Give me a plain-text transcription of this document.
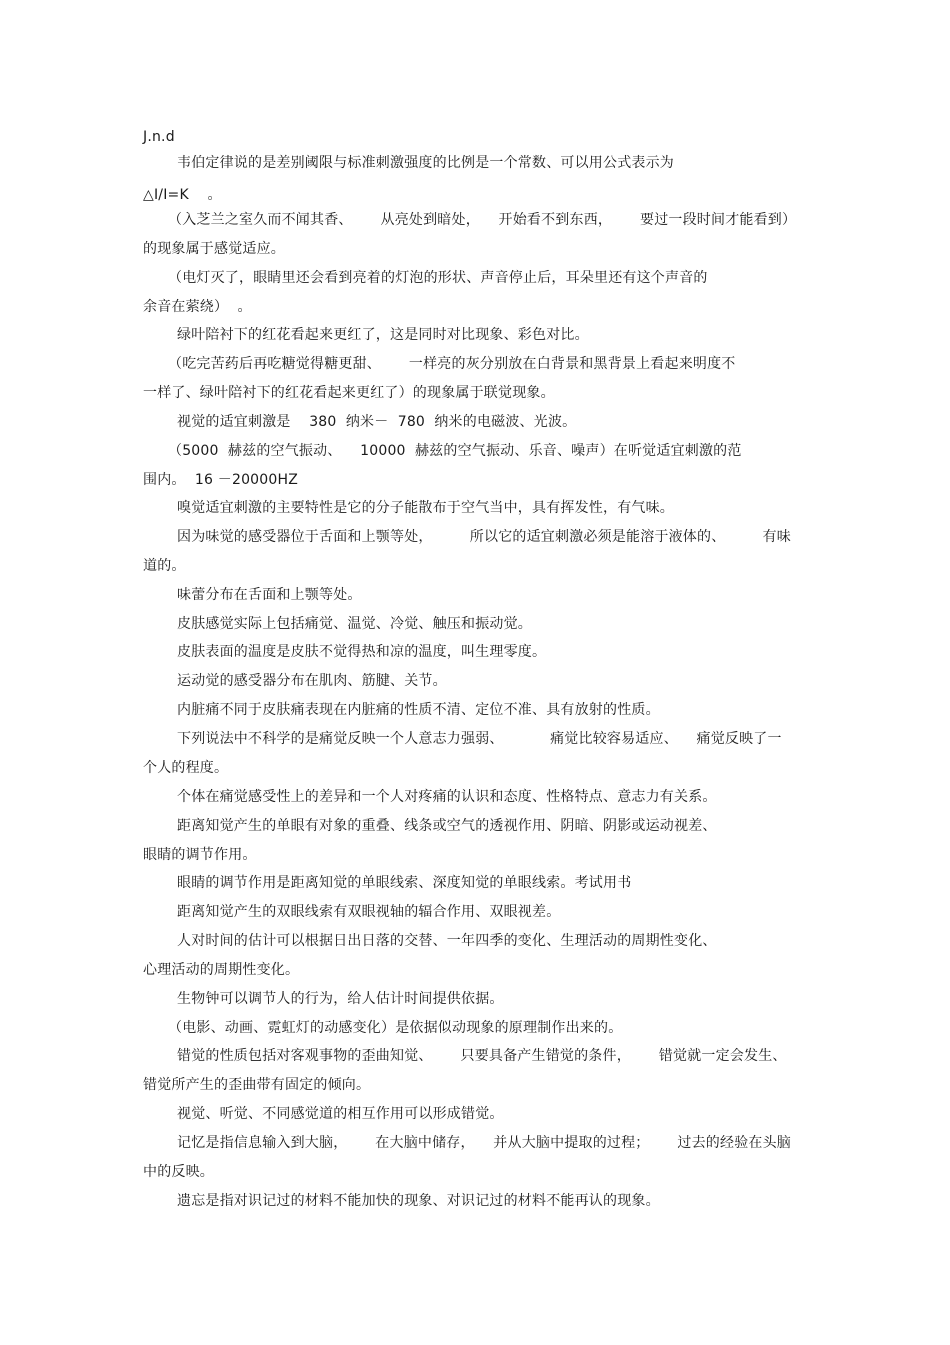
J.n.d
韦伯定律说的是差别阈限与标准刺激强度的比例是一个常数、可以用公式表示为
△I/I=K    。
（入芝兰之室久而不闻其香、      从亮处到暗处，    开始看不到东西，      要过一段时间才能看到）
的现象属于感觉适应。
（电灯灭了，眼睛里还会看到亮着的灯泡的形状、声音停止后，耳朵里还有这个声音的
余音在萦绕）  。
绿叶陪衬下的红花看起来更红了，这是同时对比现象、彩色对比。
（吃完苦药后再吃糖觉得糖更甜、      一样亮的灰分别放在白背景和黑背景上看起来明度不
一样了、绿叶陪衬下的红花看起来更红了）的现象属于联觉现象。
视觉的适宜刺激是    380  纳米－  780  纳米的电磁波、光波。
（5000  赫兹的空气振动、    10000  赫兹的空气振动、乐音、噪声）在听觉适宜刺激的范
围内。  16 －20000HZ
嗅觉适宜刺激的主要特性是它的分子能散布于空气当中，具有挥发性，有气味。
因为味觉的感受器位于舌面和上颚等处，        所以它的适宜刺激必须是能溶于液体的、        有味
道的。
味蕾分布在舌面和上颚等处。
皮肤感觉实际上包括痛觉、温觉、冷觉、触压和振动觉。
皮肤表面的温度是皮肤不觉得热和凉的温度，叫生理零度。
运动觉的感受器分布在肌肉、筋腱、关节。
内脏痛不同于皮肤痛表现在内脏痛的性质不清、定位不准、具有放射的性质。
下列说法中不科学的是痛觉反映一个人意志力强弱、          痛觉比较容易适应、    痛觉反映了一
个人的程度。
个体在痛觉感受性上的差异和一个人对疼痛的认识和态度、性格特点、意志力有关系。
距离知觉产生的单眼有对象的重叠、线条或空气的透视作用、阴暗、阴影或运动视差、
眼睛的调节作用。
眼睛的调节作用是距离知觉的单眼线索、深度知觉的单眼线索。考试用书
距离知觉产生的双眼线索有双眼视轴的辐合作用、双眼视差。
人对时间的估计可以根据日出日落的交替、一年四季的变化、生理活动的周期性变化、
心理活动的周期性变化。
生物钟可以调节人的行为，给人估计时间提供依据。
（电影、动画、霓虹灯的动感变化）是依据似动现象的原理制作出来的。
错觉的性质包括对客观事物的歪曲知觉、      只要具备产生错觉的条件，      错觉就一定会发生、
错觉所产生的歪曲带有固定的倾向。
视觉、听觉、不同感觉道的相互作用可以形成错觉。
记忆是指信息输入到大脑，      在大脑中储存，    并从大脑中提取的过程；      过去的经验在头脑
中的反映。
遗忘是指对识记过的材料不能加快的现象、对识记过的材料不能再认的现象。
